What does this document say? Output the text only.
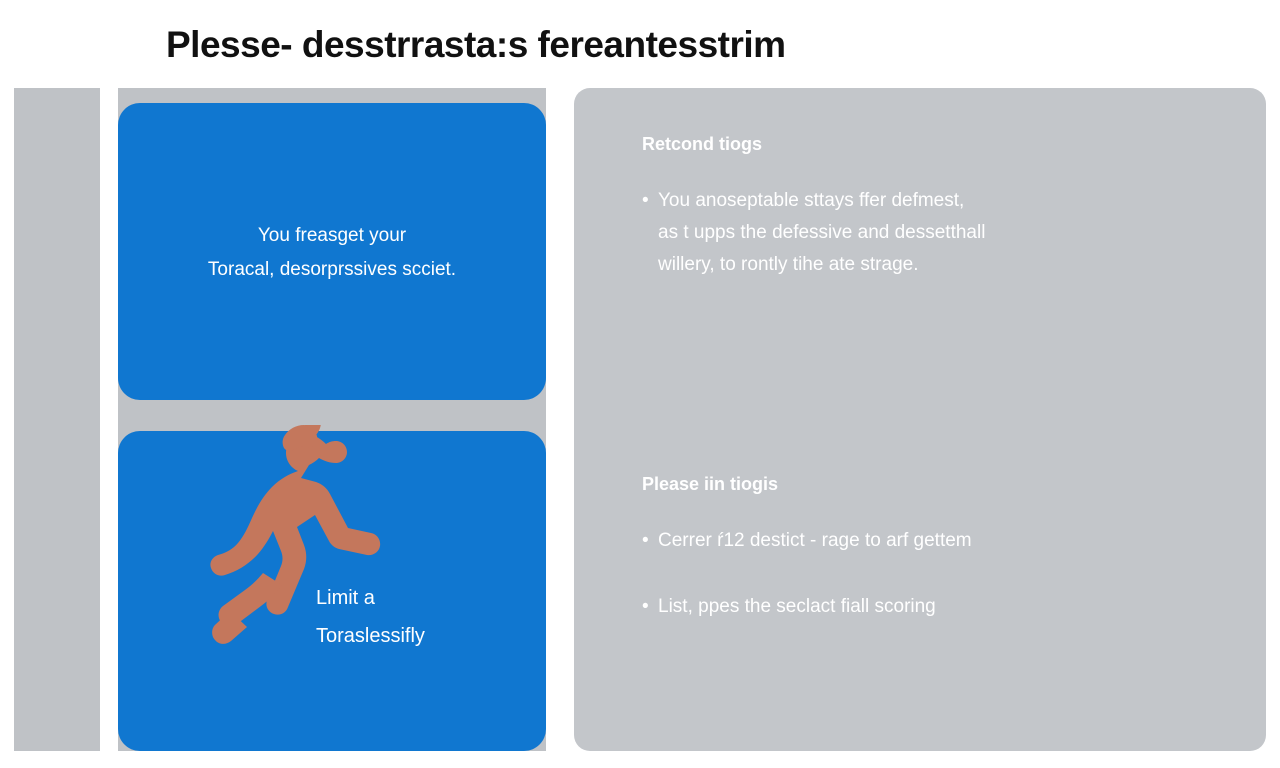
Plesse- desstrrasta:s fereantesstrim
You freasget your
Toracal, desorprssives scciet.
Limit a
Toraslessifly
Retcond tiogs
• You anoseptable sttays ffer defmest,
as t upps the defessive and dessetthall
willery, to rontly tihe ate strage.
Please iin tiogis
• Cerrer ŕ12 destict - rage to arf gettem
• List, ppes the seclact fiall scoring
